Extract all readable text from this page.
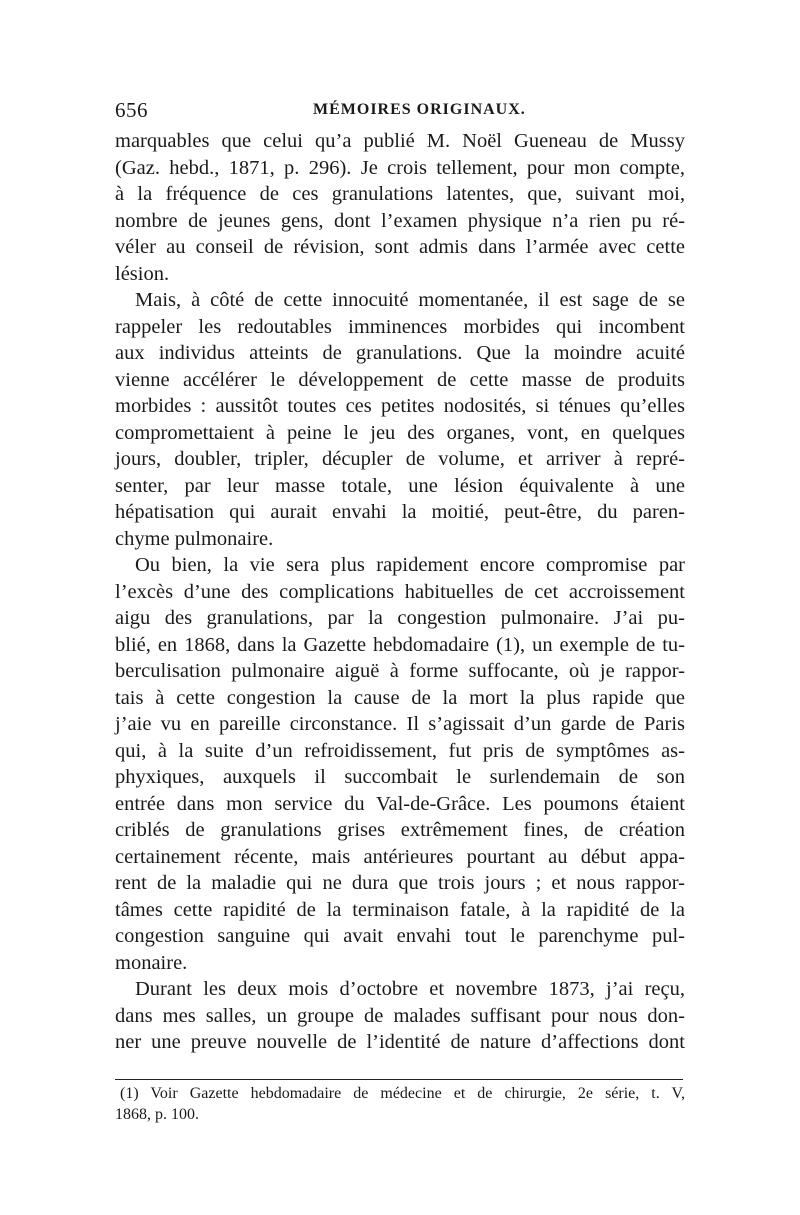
656	MÉMOIRES ORIGINAUX.
marquables que celui qu’a publié M. Noël Gueneau de Mussy
(Gaz. hebd., 1871, p. 296). Je crois tellement, pour mon compte,
à la fréquence de ces granulations latentes, que, suivant moi,
nombre de jeunes gens, dont l’examen physique n’a rien pu ré-
véler au conseil de révision, sont admis dans l’armée avec cette
lésion.
Mais, à côté de cette innocuité momentanée, il est sage de se
rappeler les redoutables imminences morbides qui incombent
aux individus atteints de granulations. Que la moindre acuité
vienne accélérer le développement de cette masse de produits
morbides : aussitôt toutes ces petites nodosités, si ténues qu’elles
compromettaient à peine le jeu des organes, vont, en quelques
jours, doubler, tripler, décupler de volume, et arriver à repré-
senter, par leur masse totale, une lésion équivalente à une
hépatisation qui aurait envahi la moitié, peut-être, du paren-
chyme pulmonaire.
Ou bien, la vie sera plus rapidement encore compromise par
l’excès d’une des complications habituelles de cet accroissement
aigu des granulations, par la congestion pulmonaire. J’ai pu-
blié, en 1868, dans la Gazette hebdomadaire (1), un exemple de tu-
berculisation pulmonaire aiguë à forme suffocante, où je rappor-
tais à cette congestion la cause de la mort la plus rapide que
j’aie vu en pareille circonstance. Il s’agissait d’un garde de Paris
qui, à la suite d’un refroidissement, fut pris de symptômes as-
phyxiques, auxquels il succombait le surlendemain de son
entrée dans mon service du Val-de-Grâce. Les poumons étaient
criblés de granulations grises extrêmement fines, de création
certainement récente, mais antérieures pourtant au début appa-
rent de la maladie qui ne dura que trois jours ; et nous rappor-
tâmes cette rapidité de la terminaison fatale, à la rapidité de la
congestion sanguine qui avait envahi tout le parenchyme pul-
monaire.
Durant les deux mois d’octobre et novembre 1873, j’ai reçu,
dans mes salles, un groupe de malades suffisant pour nous don-
ner une preuve nouvelle de l’identité de nature d’affections dont
(1) Voir Gazette hebdomadaire de médecine et de chirurgie, 2e série, t. V,
1868, p. 100.
